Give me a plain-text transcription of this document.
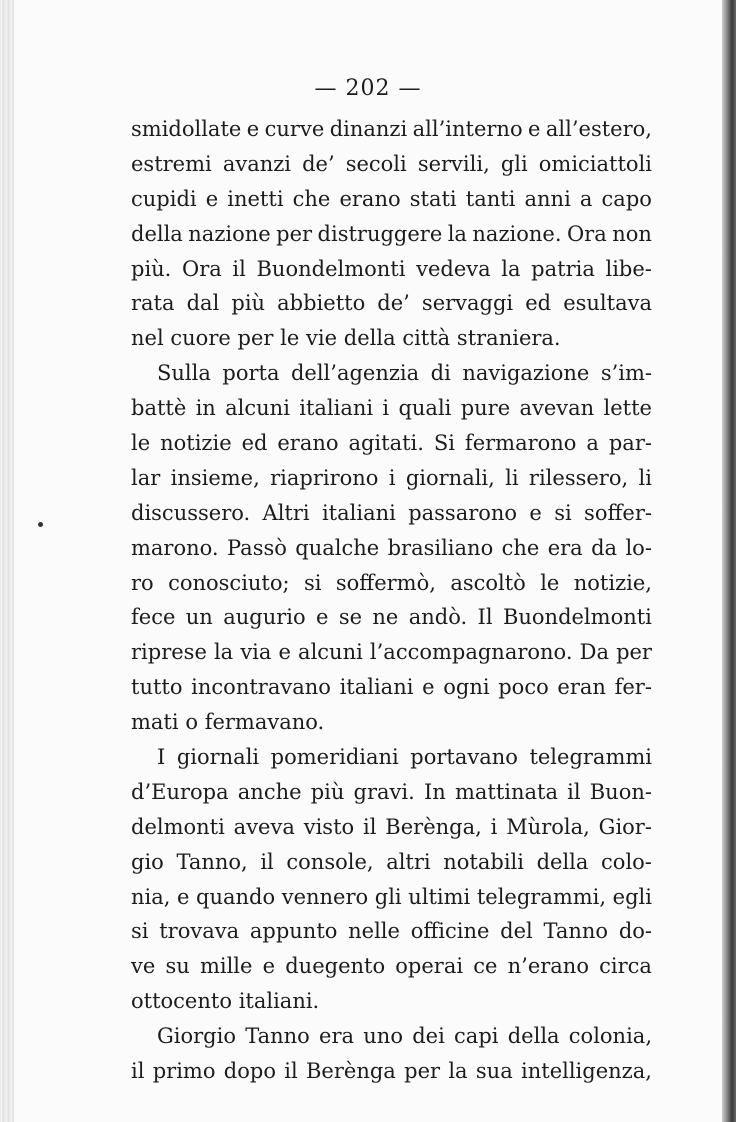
— 202 —
smidollate e curve dinanzi all’interno e all’estero,
estremi avanzi de’ secoli servili, gli omiciattoli
cupidi e inetti che erano stati tanti anni a capo
della nazione per distruggere la nazione. Ora non
più. Ora il Buondelmonti vedeva la patria libe-
rata dal più abbietto de’ servaggi ed esultava
nel cuore per le vie della città straniera.
Sulla porta dell’agenzia di navigazione s’im-
battè in alcuni italiani i quali pure avevan lette
le notizie ed erano agitati. Si fermarono a par-
lar insieme, riaprirono i giornali, li rilessero, li
discussero. Altri italiani passarono e si soffer-
marono. Passò qualche brasiliano che era da lo-
ro conosciuto; si soffermò, ascoltò le notizie,
fece un augurio e se ne andò. Il Buondelmonti
riprese la via e alcuni l’accompagnarono. Da per
tutto incontravano italiani e ogni poco eran fer-
mati o fermavano.
I giornali pomeridiani portavano telegrammi
d’Europa anche più gravi. In mattinata il Buon-
delmonti aveva visto il Berènga, i Mùrola, Gior-
gio Tanno, il console, altri notabili della colo-
nia, e quando vennero gli ultimi telegrammi, egli
si trovava appunto nelle officine del Tanno do-
ve su mille e duegento operai ce n’erano circa
ottocento italiani.
Giorgio Tanno era uno dei capi della colonia,
il primo dopo il Berènga per la sua intelligenza,
